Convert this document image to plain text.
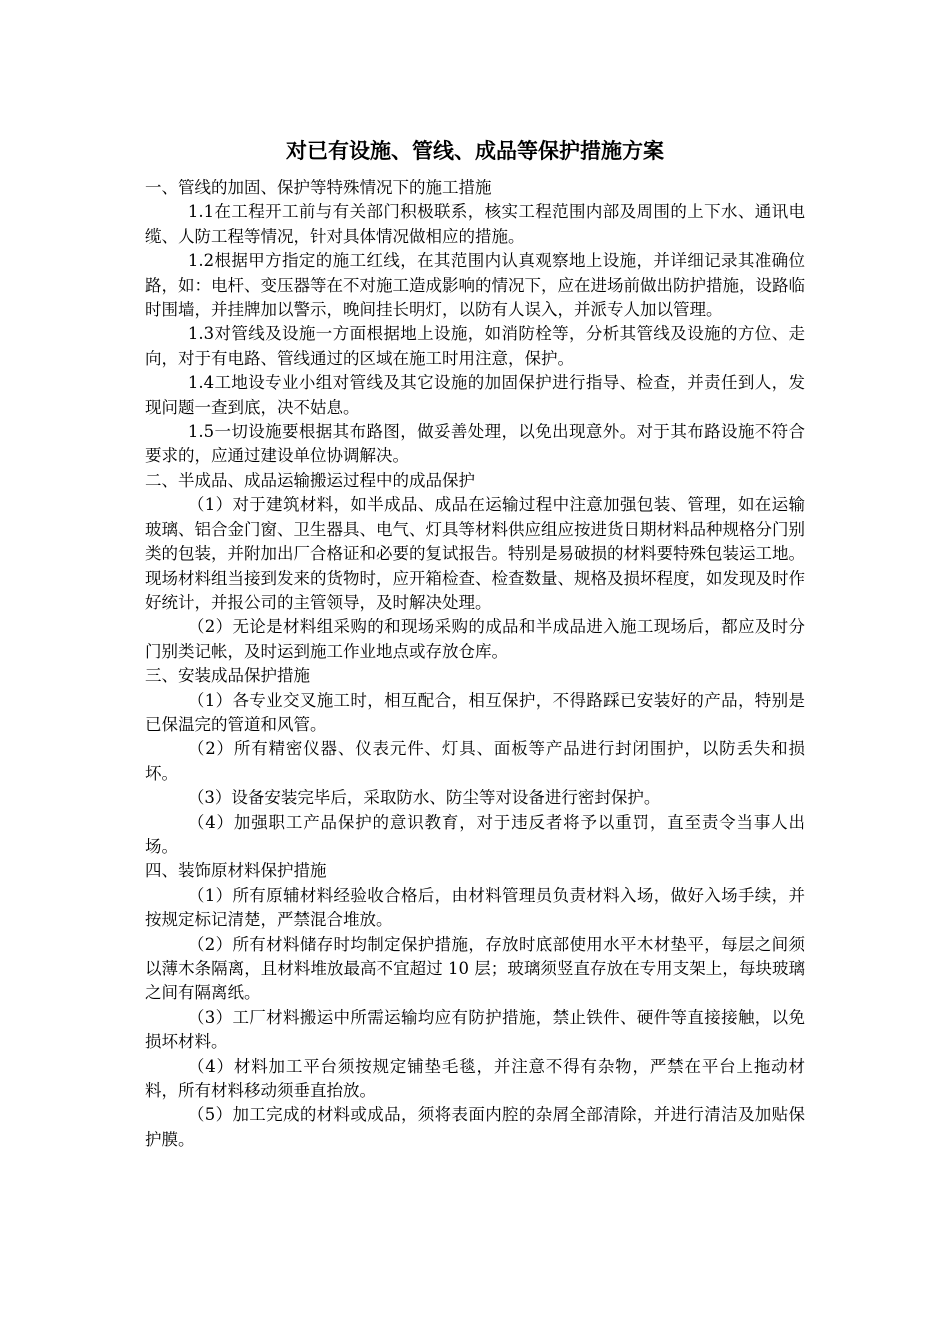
对已有设施、管线、成品等保护措施方案

一、管线的加固、保护等特殊情况下的施工措施

1.1在工程开工前与有关部门积极联系，核实工程范围内部及周围的上下水、通讯电缆、人防工程等情况，针对具体情况做相应的措施。

1.2根据甲方指定的施工红线，在其范围内认真观察地上设施，并详细记录其准确位路，如：电杆、变压器等在不对施工造成影响的情况下，应在进场前做出防护措施，设路临时围墙，并挂牌加以警示，晚间挂长明灯，以防有人误入，并派专人加以管理。

1.3对管线及设施一方面根据地上设施，如消防栓等，分析其管线及设施的方位、走向，对于有电路、管线通过的区域在施工时用注意，保护。

1.4工地设专业小组对管线及其它设施的加固保护进行指导、检查，并责任到人，发现问题一查到底，决不姑息。

1.5一切设施要根据其布路图，做妥善处理，以免出现意外。对于其布路设施不符合要求的，应通过建设单位协调解决。

二、半成品、成品运输搬运过程中的成品保护

（1）对于建筑材料，如半成品、成品在运输过程中注意加强包装、管理，如在运输玻璃、铝合金门窗、卫生器具、电气、灯具等材料供应组应按进货日期材料品种规格分门别类的包装，并附加出厂合格证和必要的复试报告。特别是易破损的材料要特殊包装运工地。现场材料组当接到发来的货物时，应开箱检查、检查数量、规格及损坏程度，如发现及时作好统计，并报公司的主管领导，及时解决处理。

（2）无论是材料组采购的和现场采购的成品和半成品进入施工现场后，都应及时分门别类记帐，及时运到施工作业地点或存放仓库。

三、安装成品保护措施

（1）各专业交叉施工时，相互配合，相互保护，不得路踩已安装好的产品，特别是已保温完的管道和风管。

（2）所有精密仪器、仪表元件、灯具、面板等产品进行封闭围护，以防丢失和损坏。

（3）设备安装完毕后，采取防水、防尘等对设备进行密封保护。

（4）加强职工产品保护的意识教育，对于违反者将予以重罚，直至责令当事人出场。

四、装饰原材料保护措施

（1）所有原辅材料经验收合格后，由材料管理员负责材料入场，做好入场手续，并按规定标记清楚，严禁混合堆放。

（2）所有材料储存时均制定保护措施，存放时底部使用水平木材垫平，每层之间须以薄木条隔离，且材料堆放最高不宜超过 10 层；玻璃须竖直存放在专用支架上，每块玻璃之间有隔离纸。

（3）工厂材料搬运中所需运输均应有防护措施，禁止铁件、硬件等直接接触，以免损坏材料。

（4）材料加工平台须按规定铺垫毛毯，并注意不得有杂物，严禁在平台上拖动材料，所有材料移动须垂直抬放。

（5）加工完成的材料或成品，须将表面内腔的杂屑全部清除，并进行清洁及加贴保护膜。
